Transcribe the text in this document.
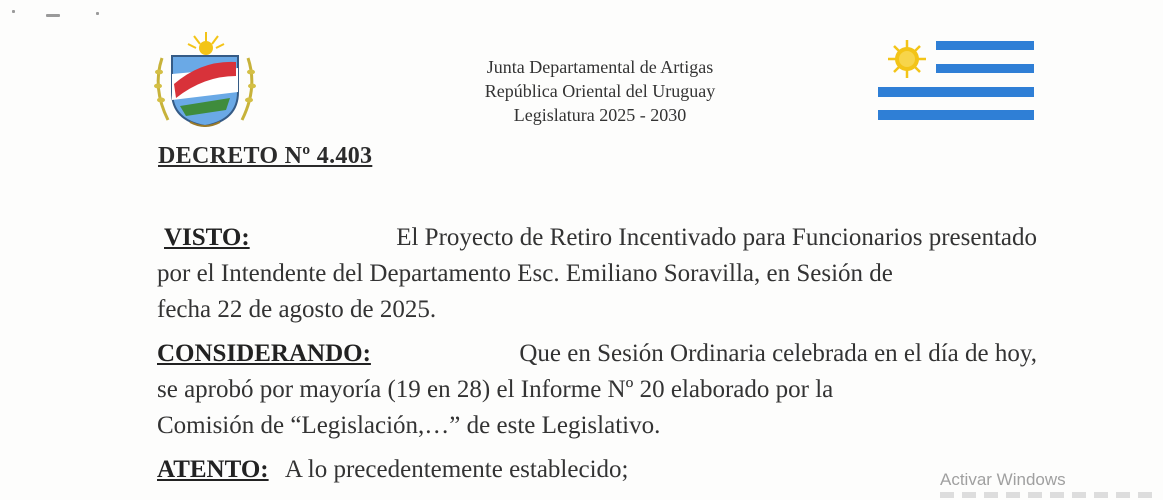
Junta Departamental de Artigas
República Oriental del Uruguay
Legislatura 2025 - 2030
DECRETO Nº 4.403
VISTO:	El Proyecto de Retiro Incentivado para Funcionarios presentado
por el Intendente del Departamento Esc. Emiliano Soravilla, en Sesión de
fecha 22 de agosto de 2025.
CONSIDERANDO:	Que en Sesión Ordinaria celebrada en el día de hoy,
se aprobó por mayoría (19 en 28) el Informe Nº 20 elaborado por la
Comisión de “Legislación,…” de este Legislativo.
ATENTO: A lo precedentemente establecido;	Activar Windows
